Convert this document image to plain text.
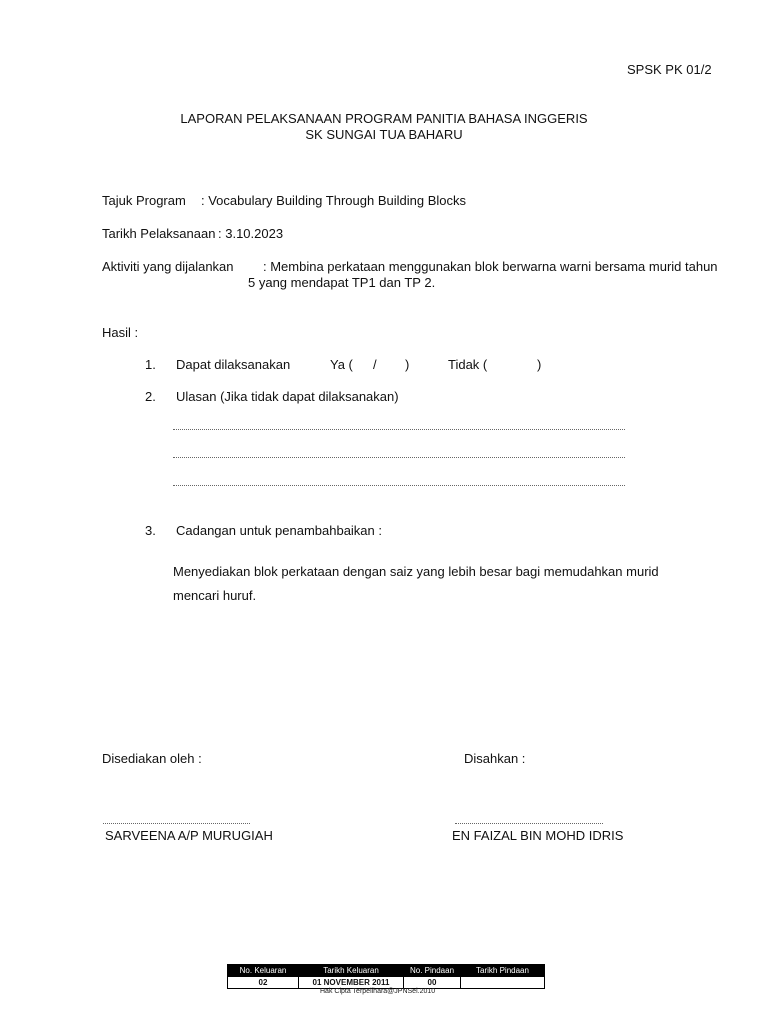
SPSK PK 01/2
LAPORAN PELAKSANAAN PROGRAM PANITIA BAHASA INGGERIS
SK SUNGAI TUA BAHARU
Tajuk Program : Vocabulary Building Through Building Blocks
Tarikh Pelaksanaan : 3.10.2023
Aktiviti yang dijalankan : Membina perkataan menggunakan blok berwarna warni bersama murid tahun
5 yang mendapat TP1 dan TP 2.
Hasil :
1. Dapat dilaksanakan	Ya ( / )	Tidak (	)
2. Ulasan (Jika tidak dapat dilaksanakan)
3. Cadangan untuk penambahbaikan :
Menyediakan blok perkataan dengan saiz yang lebih besar bagi memudahkan murid
mencari huruf.
Disediakan oleh :	Disahkan :
SARVEENA A/P MURUGIAH	EN FAIZAL BIN MOHD IDRIS
No. Keluaran	Tarikh Keluaran	No. Pindaan	Tarikh Pindaan
02	01 NOVEMBER 2011	00	
Hak Cipta Terpelihara@JPNSel.2010
